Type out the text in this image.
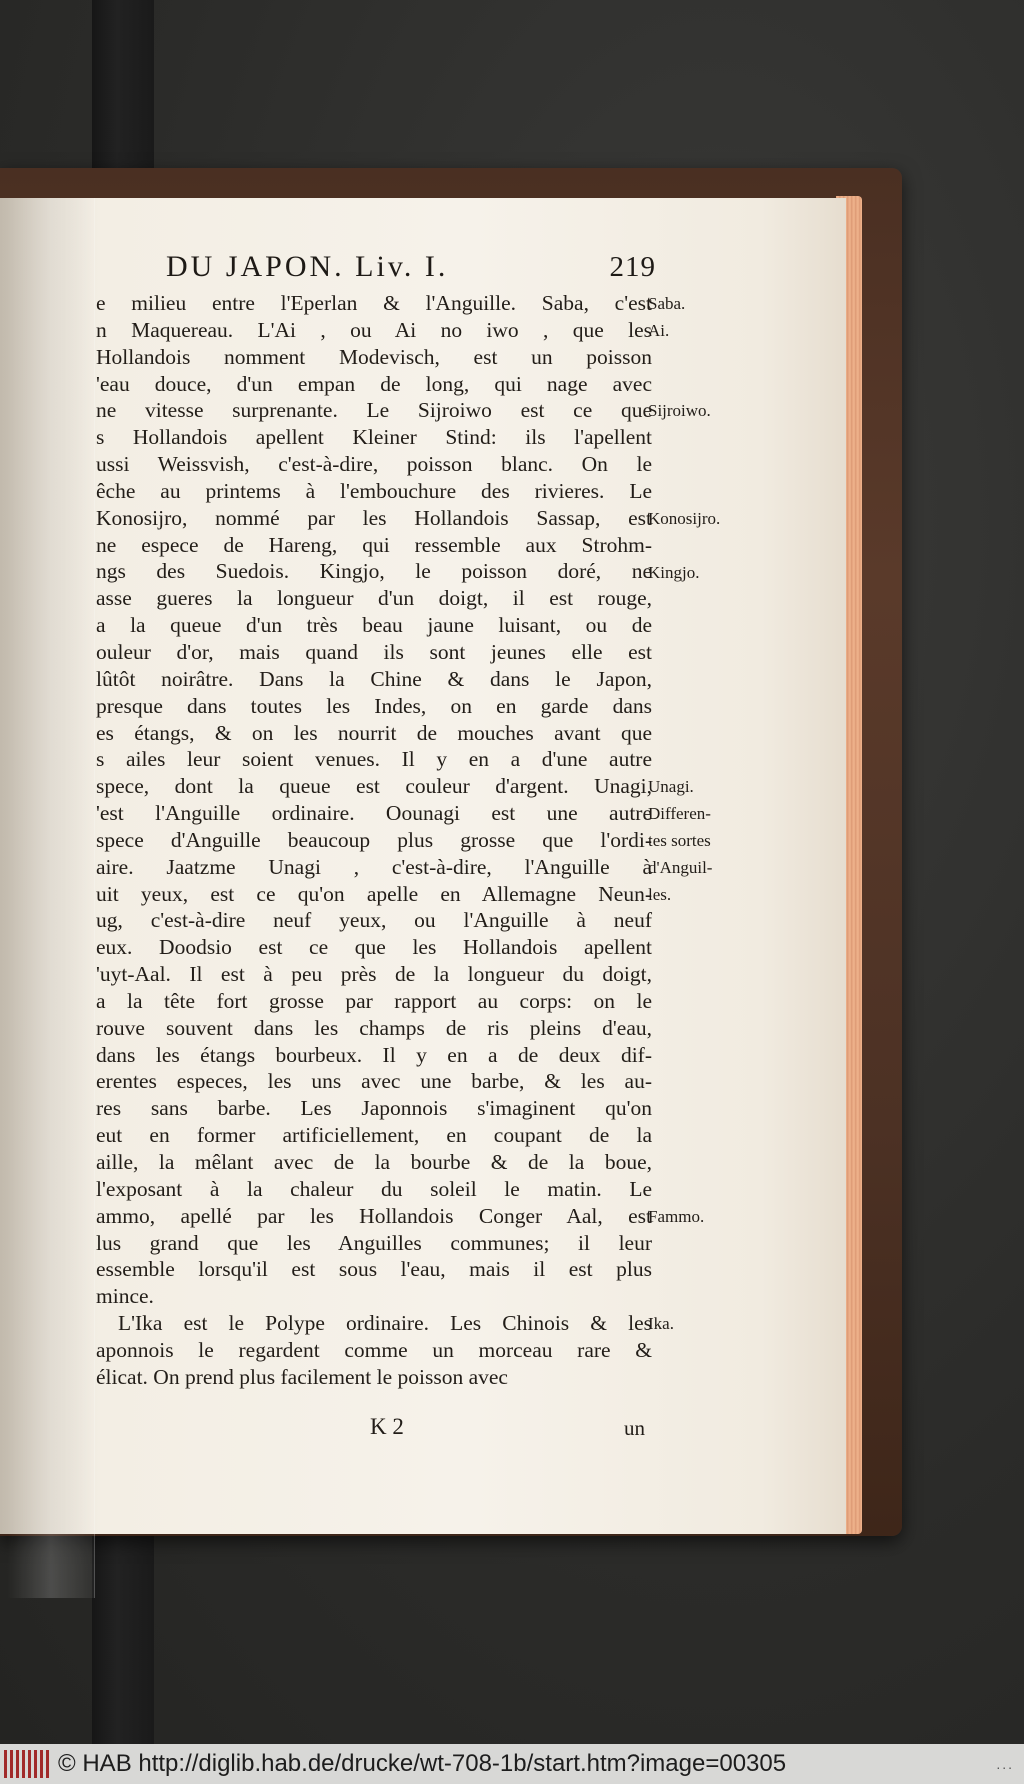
DU JAPON. Liv. I.	219
e milieu entre l'Eperlan & l'Anguille. Saba, c'est
n Maquereau. L'Ai , ou Ai no iwo , que les
Hollandois nomment Modevisch, est un poisson
'eau douce, d'un empan de long, qui nage avec
ne vitesse surprenante. Le Sijroiwo est ce que
s Hollandois apellent Kleiner Stind: ils l'apellent
ussi Weissvish, c'est-à-dire, poisson blanc. On le
êche au printems à l'embouchure des rivieres. Le
Konosijro, nommé par les Hollandois Sassap, est
ne espece de Hareng, qui ressemble aux Strohm-
ngs des Suedois. Kingjo, le poisson doré, ne
asse gueres la longueur d'un doigt, il est rouge,
a la queue d'un très beau jaune luisant, ou de
ouleur d'or, mais quand ils sont jeunes elle est
lûtôt noirâtre. Dans la Chine & dans le Japon,
presque dans toutes les Indes, on en garde dans
es étangs, & on les nourrit de mouches avant que
s ailes leur soient venues. Il y en a d'une autre
spece, dont la queue est couleur d'argent. Unagi,
'est l'Anguille ordinaire. Oounagi est une autre
spece d'Anguille beaucoup plus grosse que l'ordi-
aire. Jaatzme Unagi , c'est-à-dire, l'Anguille à
uit yeux, est ce qu'on apelle en Allemagne Neun-
ug, c'est-à-dire neuf yeux, ou l'Anguille à neuf
eux. Doodsio est ce que les Hollandois apellent
'uyt-Aal. Il est à peu près de la longueur du doigt,
a la tête fort grosse par rapport au corps: on le
rouve souvent dans les champs de ris pleins d'eau,
dans les étangs bourbeux. Il y en a de deux dif-
erentes especes, les uns avec une barbe, & les au-
res sans barbe. Les Japonnois s'imaginent qu'on
eut en former artificiellement, en coupant de la
aille, la mêlant avec de la bourbe & de la boue,
l'exposant à la chaleur du soleil le matin. Le
ammo, apellé par les Hollandois Conger Aal, est
lus grand que les Anguilles communes; il leur
essemble lorsqu'il est sous l'eau, mais il est plus
mince.
L'Ika est le Polype ordinaire. Les Chinois & les
aponnois le regardent comme un morceau rare &
élicat. On prend plus facilement le poisson avec
Saba.
Ai.
Sijroiwo.
Konosijro.
Kingjo.
Unagi.
Differen-
tes sortes
d'Anguil-
les.
Fammo.
Ika.
K 2	un
© HAB http://diglib.hab.de/drucke/wt-708-1b/start.htm?image=00305	...
